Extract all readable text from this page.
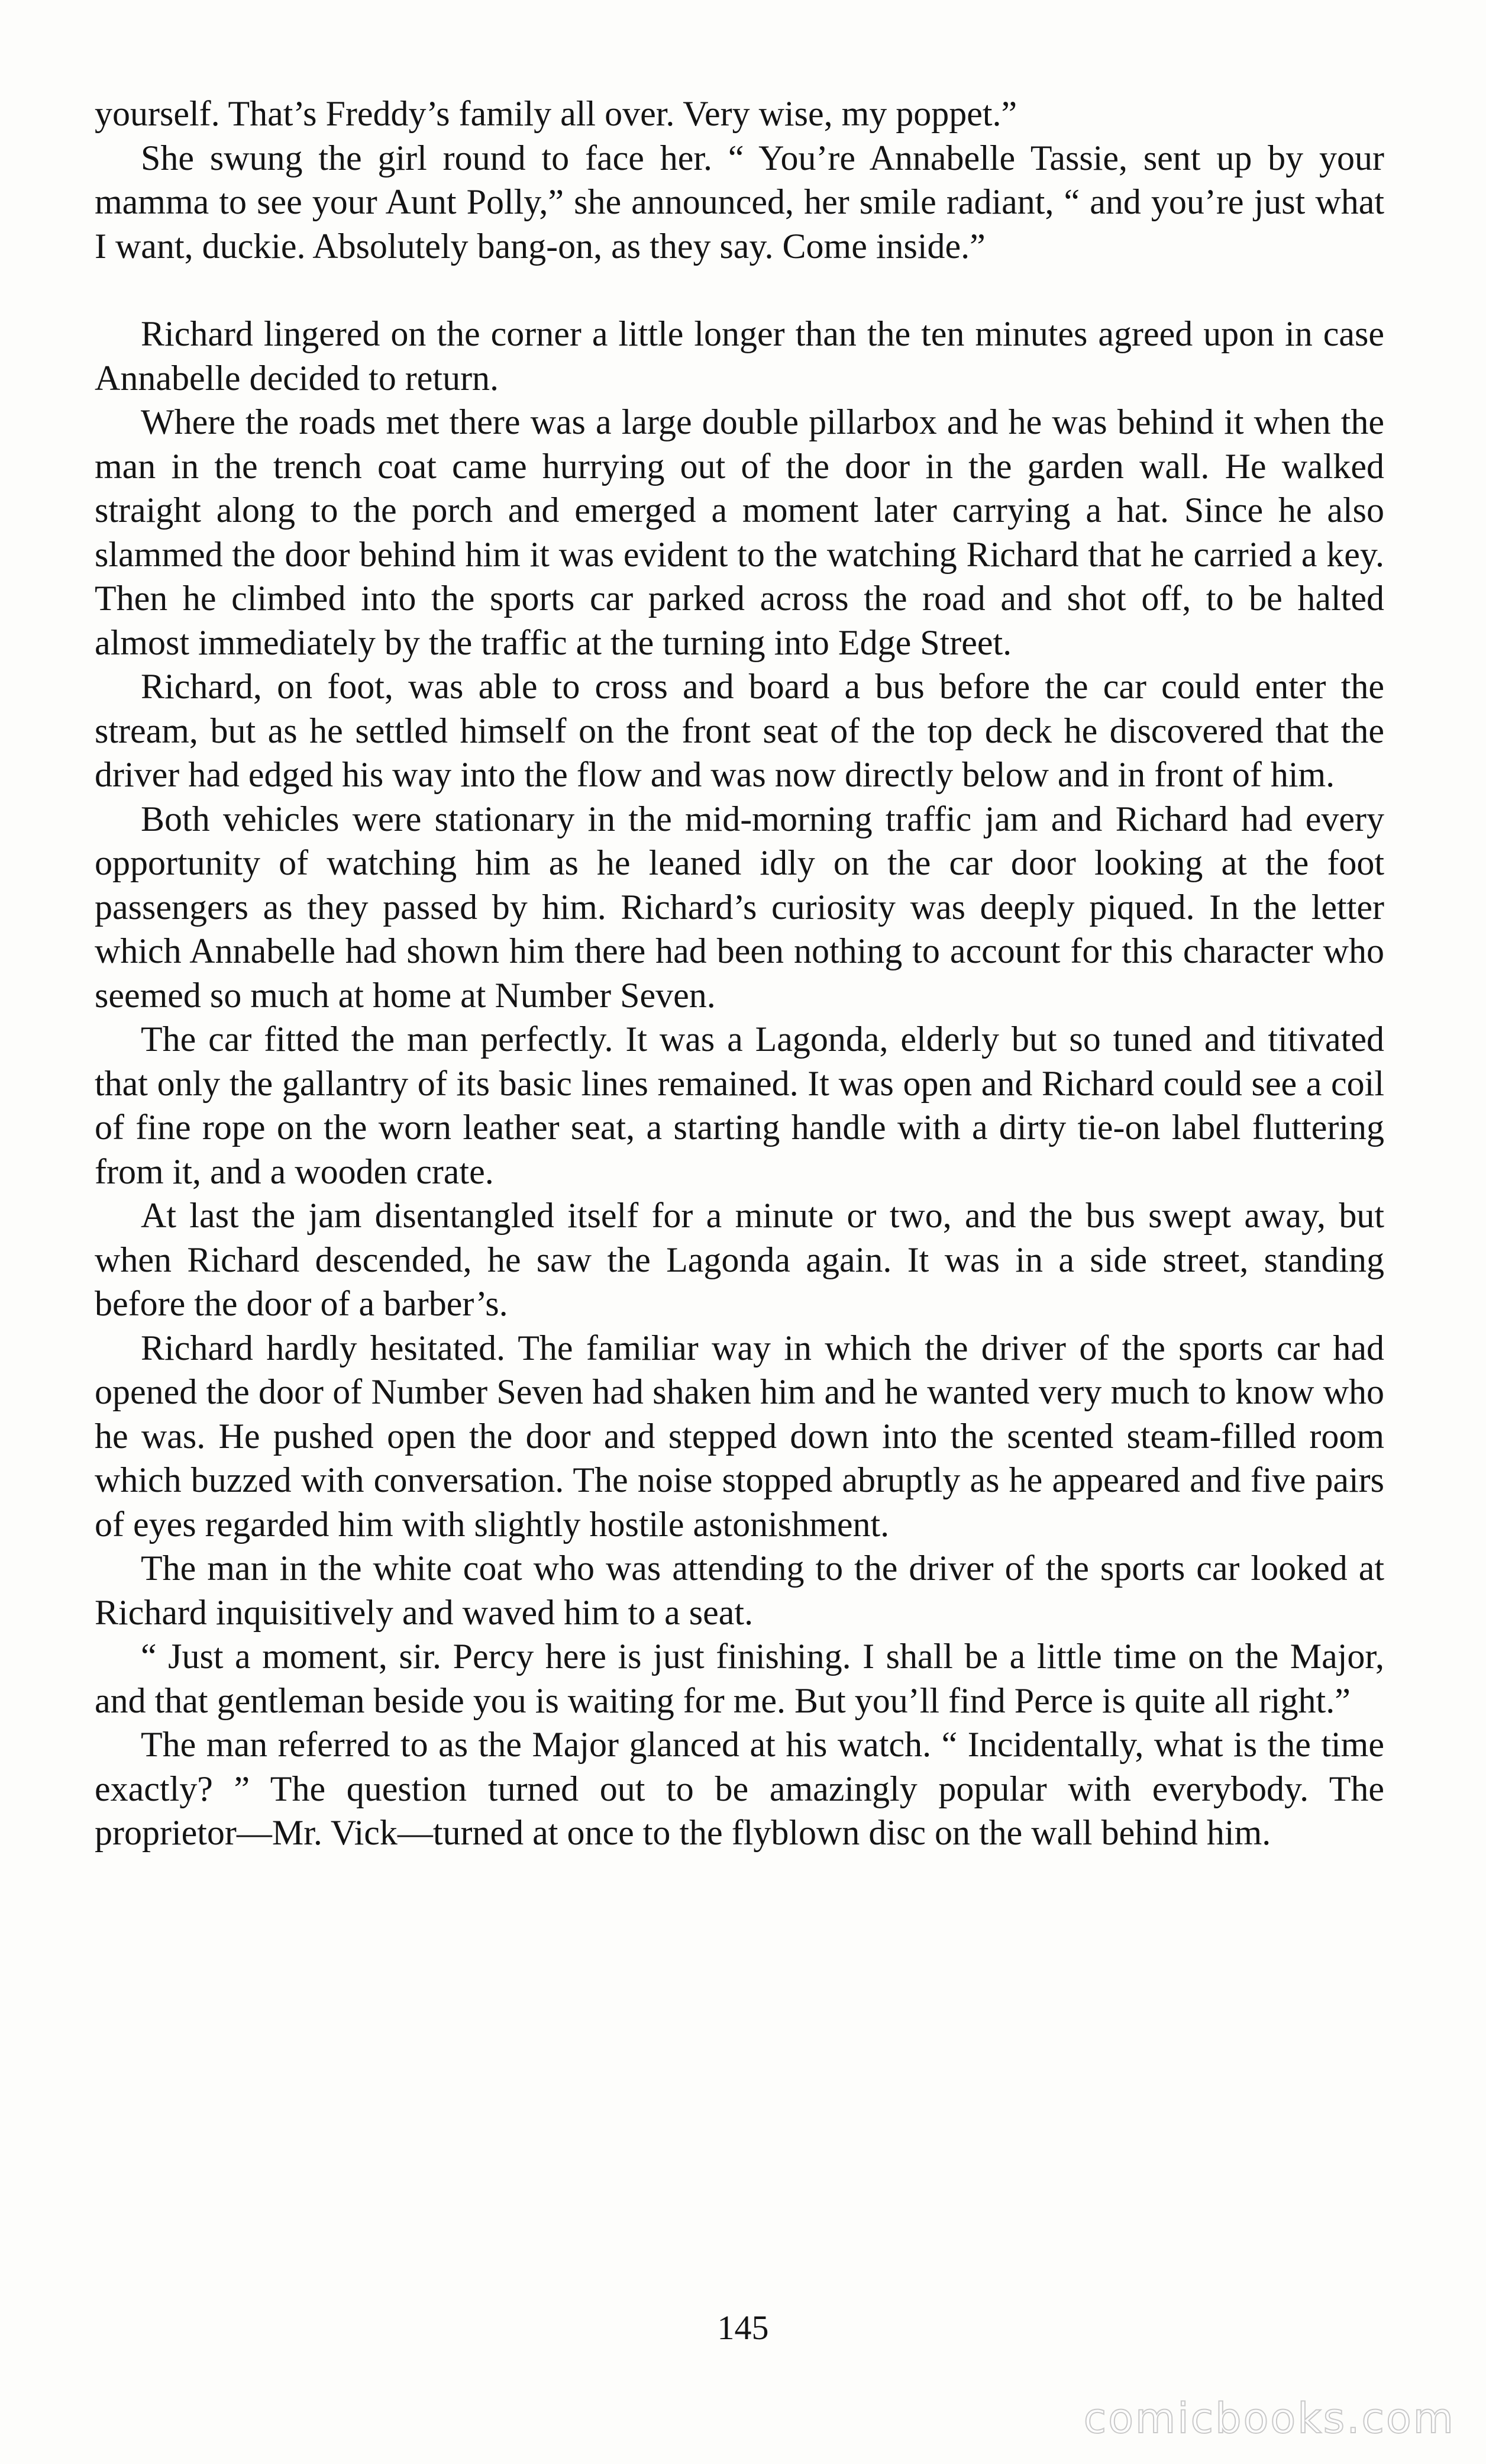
yourself. That’s Freddy’s family all over. Very wise, my poppet.”

She swung the girl round to face her. “ You’re Annabelle Tassie, sent up by your mamma to see your Aunt Polly,” she announced, her smile radiant, “ and you’re just what I want, duckie. Absolutely bang-on, as they say. Come inside.”

Richard lingered on the corner a little longer than the ten minutes agreed upon in case Annabelle decided to return.

Where the roads met there was a large double pillarbox and he was behind it when the man in the trench coat came hurrying out of the door in the garden wall. He walked straight along to the porch and emerged a moment later carrying a hat. Since he also slammed the door behind him it was evident to the watching Richard that he carried a key. Then he climbed into the sports car parked across the road and shot off, to be halted almost immediately by the traffic at the turning into Edge Street.

Richard, on foot, was able to cross and board a bus before the car could enter the stream, but as he settled himself on the front seat of the top deck he discovered that the driver had edged his way into the flow and was now directly below and in front of him.

Both vehicles were stationary in the mid-morning traffic jam and Richard had every opportunity of watching him as he leaned idly on the car door looking at the foot passengers as they passed by him. Richard’s curiosity was deeply piqued. In the letter which Annabelle had shown him there had been nothing to account for this character who seemed so much at home at Number Seven.

The car fitted the man perfectly. It was a Lagonda, elderly but so tuned and titivated that only the gallantry of its basic lines remained. It was open and Richard could see a coil of fine rope on the worn leather seat, a starting handle with a dirty tie-on label fluttering from it, and a wooden crate.

At last the jam disentangled itself for a minute or two, and the bus swept away, but when Richard descended, he saw the Lagonda again. It was in a side street, standing before the door of a barber’s.

Richard hardly hesitated. The familiar way in which the driver of the sports car had opened the door of Number Seven had shaken him and he wanted very much to know who he was. He pushed open the door and stepped down into the scented steam-filled room which buzzed with conversation. The noise stopped abruptly as he appeared and five pairs of eyes regarded him with slightly hostile astonishment.

The man in the white coat who was attending to the driver of the sports car looked at Richard inquisitively and waved him to a seat.

“ Just a moment, sir. Percy here is just finishing. I shall be a little time on the Major, and that gentleman beside you is waiting for me. But you’ll find Perce is quite all right.”

The man referred to as the Major glanced at his watch. “ Incidentally, what is the time exactly? ” The question turned out to be amazingly popular with everybody. The proprietor—Mr. Vick—turned at once to the flyblown disc on the wall behind him.

145
comicbooks.com
